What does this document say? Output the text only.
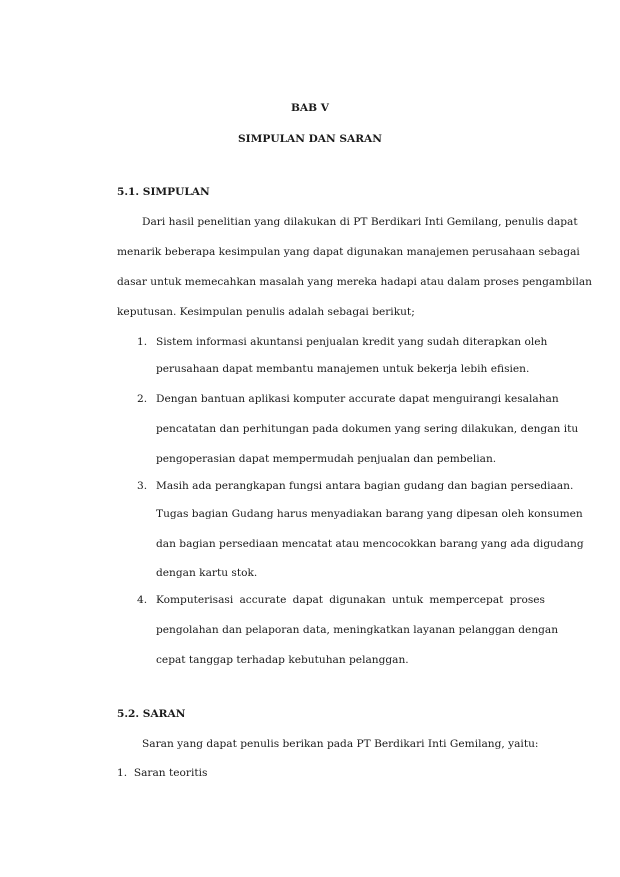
BAB V
SIMPULAN DAN SARAN
5.1. SIMPULAN
Dari hasil penelitian yang dilakukan di PT Berdikari Inti Gemilang, penulis dapat
menarik beberapa kesimpulan yang dapat digunakan manajemen perusahaan sebagai
dasar untuk memecahkan masalah yang mereka hadapi atau dalam proses pengambilan
keputusan. Kesimpulan penulis adalah sebagai berikut;
1. Sistem informasi akuntansi penjualan kredit yang sudah diterapkan oleh
perusahaan dapat membantu manajemen untuk bekerja lebih efisien.
2. Dengan bantuan aplikasi komputer accurate dapat menguirangi kesalahan
pencatatan dan perhitungan pada dokumen yang sering dilakukan, dengan itu
pengoperasian dapat mempermudah penjualan dan pembelian.
3. Masih ada perangkapan fungsi antara bagian gudang dan bagian persediaan.
Tugas bagian Gudang harus menyadiakan barang yang dipesan oleh konsumen
dan bagian persediaan mencatat atau mencocokkan barang yang ada digudang
dengan kartu stok.
4. Komputerisasi accurate dapat digunakan untuk mempercepat proses
pengolahan dan pelaporan data, meningkatkan layanan pelanggan dengan
cepat tanggap terhadap kebutuhan pelanggan.
5.2. SARAN
Saran yang dapat penulis berikan pada PT Berdikari Inti Gemilang, yaitu:
1.  Saran teoritis
